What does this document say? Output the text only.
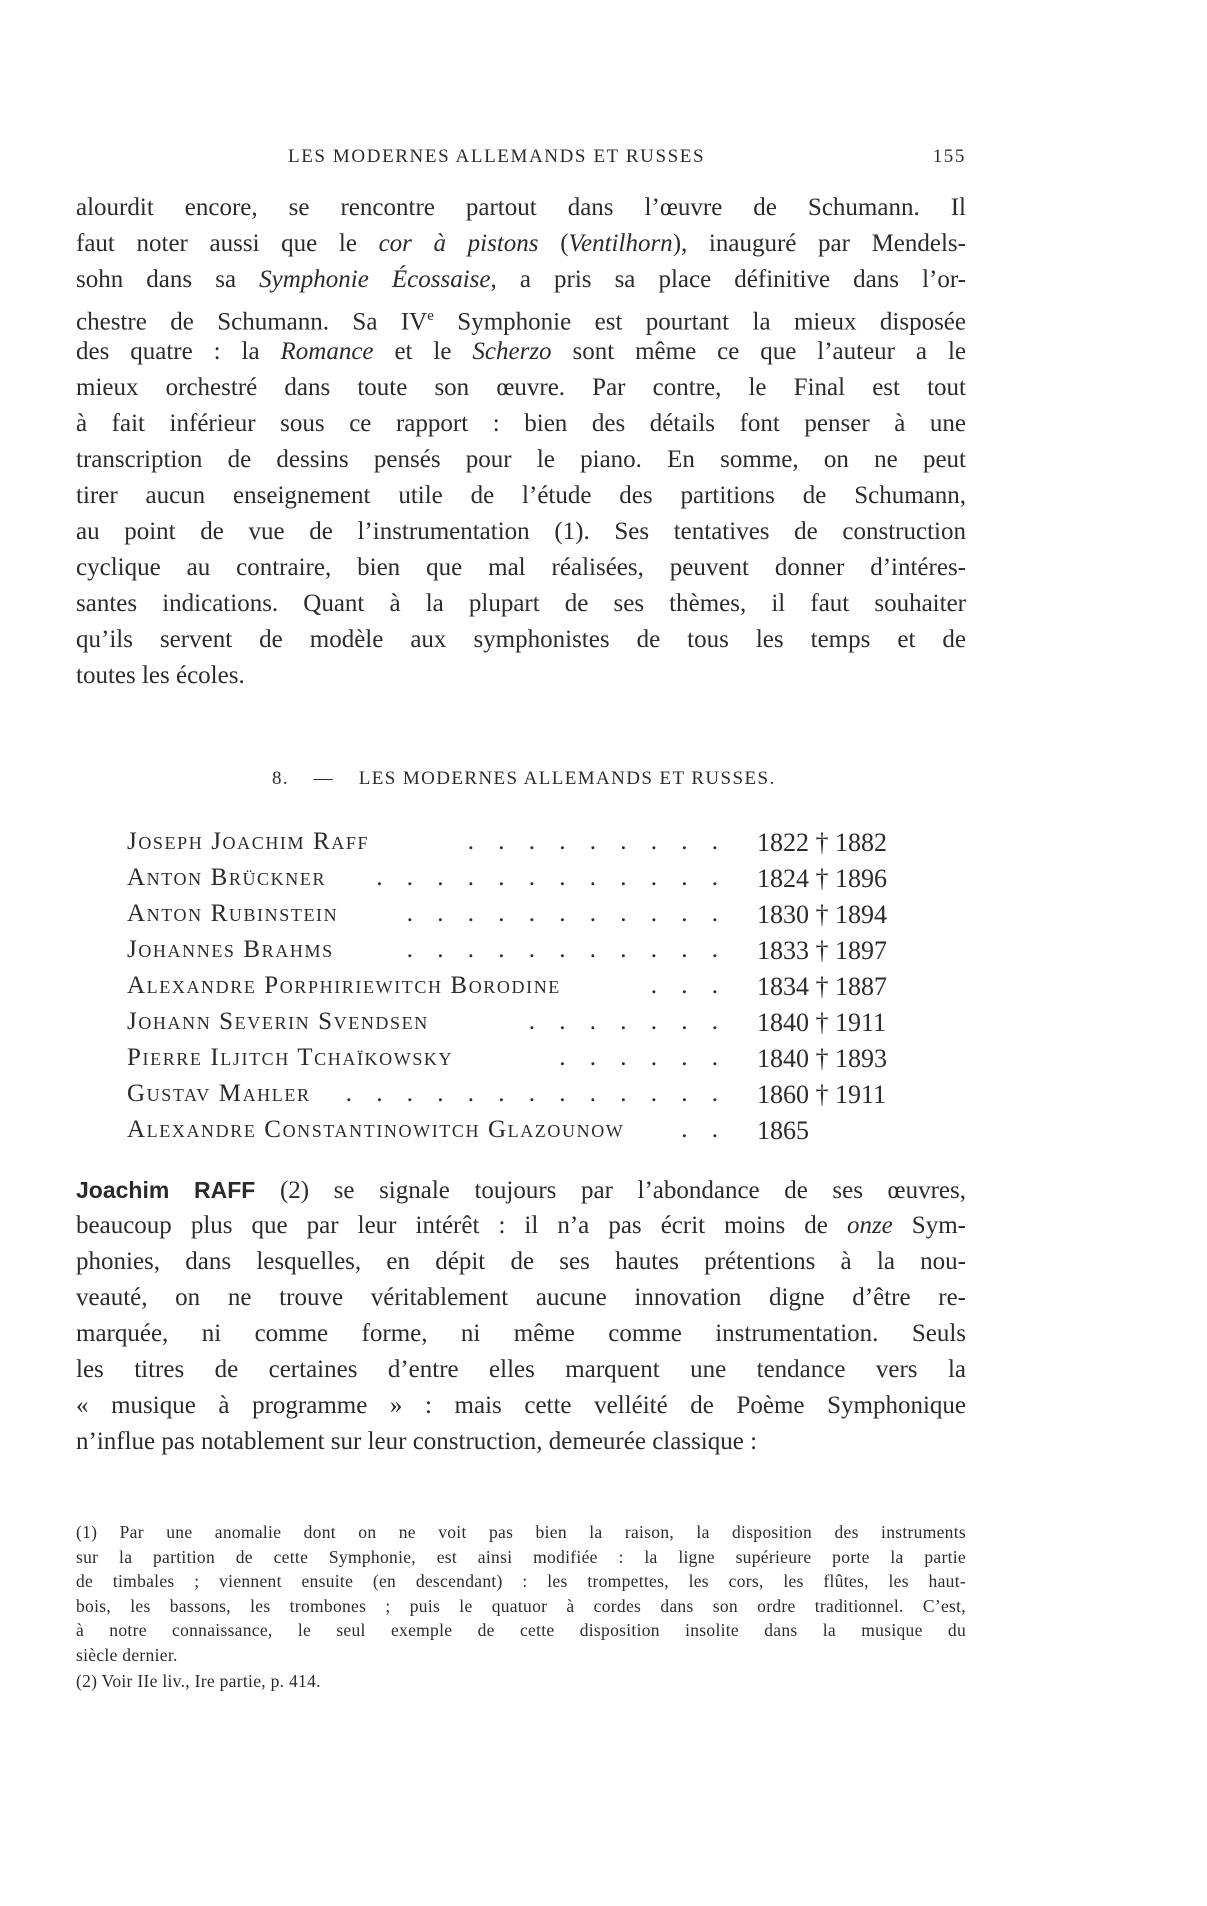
LES MODERNES ALLEMANDS ET RUSSES	155
alourdit encore, se rencontre partout dans l’œuvre de Schumann. Il
faut noter aussi que le cor à pistons (Ventilhorn), inauguré par Mendels-
sohn dans sa Symphonie Écossaise, a pris sa place définitive dans l’or-
chestre de Schumann. Sa IVe Symphonie est pourtant la mieux disposée
des quatre : la Romance et le Scherzo sont même ce que l’auteur a le
mieux orchestré dans toute son œuvre. Par contre, le Final est tout
à fait inférieur sous ce rapport : bien des détails font penser à une
transcription de dessins pensés pour le piano. En somme, on ne peut
tirer aucun enseignement utile de l’étude des partitions de Schumann,
au point de vue de l’instrumentation (1). Ses tentatives de construction
cyclique au contraire, bien que mal réalisées, peuvent donner d’intéres-
santes indications. Quant à la plupart de ses thèmes, il faut souhaiter
qu’ils servent de modèle aux symphonistes de tous les temps et de
toutes les écoles.
8. — LES MODERNES ALLEMANDS ET RUSSES.
Joseph Joachim Raff	. . . . . . . . . 1822 † 1882
Anton Brückner . . . . . . . . . . . . 1824 † 1896
Anton Rubinstein	. . . . . . . . . . . 1830 † 1894
Johannes Brahms	. . . . . . . . . . . 1833 † 1897
Alexandre Porphiriewitch Borodine	. . . 1834 † 1887
Johann Severin Svendsen	. . . . . . . 1840 † 1911
Pierre Iljitch Tchaïkowsky	. . . . . . 1840 † 1893
Gustav Mahler . . . . . . . . . . . . . 1860 † 1911
Alexandre Constantinowitch Glazounow . . 1865
Joachim RAFF (2) se signale toujours par l’abondance de ses œuvres,
beaucoup plus que par leur intérêt : il n’a pas écrit moins de onze Sym-
phonies, dans lesquelles, en dépit de ses hautes prétentions à la nou-
veauté, on ne trouve véritablement aucune innovation digne d’être re-
marquée, ni comme forme, ni même comme instrumentation. Seuls
les titres de certaines d’entre elles marquent une tendance vers la
« musique à programme » : mais cette velléité de Poème Symphonique
n’influe pas notablement sur leur construction, demeurée classique :
(1) Par une anomalie dont on ne voit pas bien la raison, la disposition des instruments
sur la partition de cette Symphonie, est ainsi modifiée : la ligne supérieure porte la partie
de timbales ; viennent ensuite (en descendant) : les trompettes, les cors, les flûtes, les haut-
bois, les bassons, les trombones ; puis le quatuor à cordes dans son ordre traditionnel. C’est,
à notre connaissance, le seul exemple de cette disposition insolite dans la musique du
siècle dernier.
(2) Voir IIe liv., Ire partie, p. 414.
